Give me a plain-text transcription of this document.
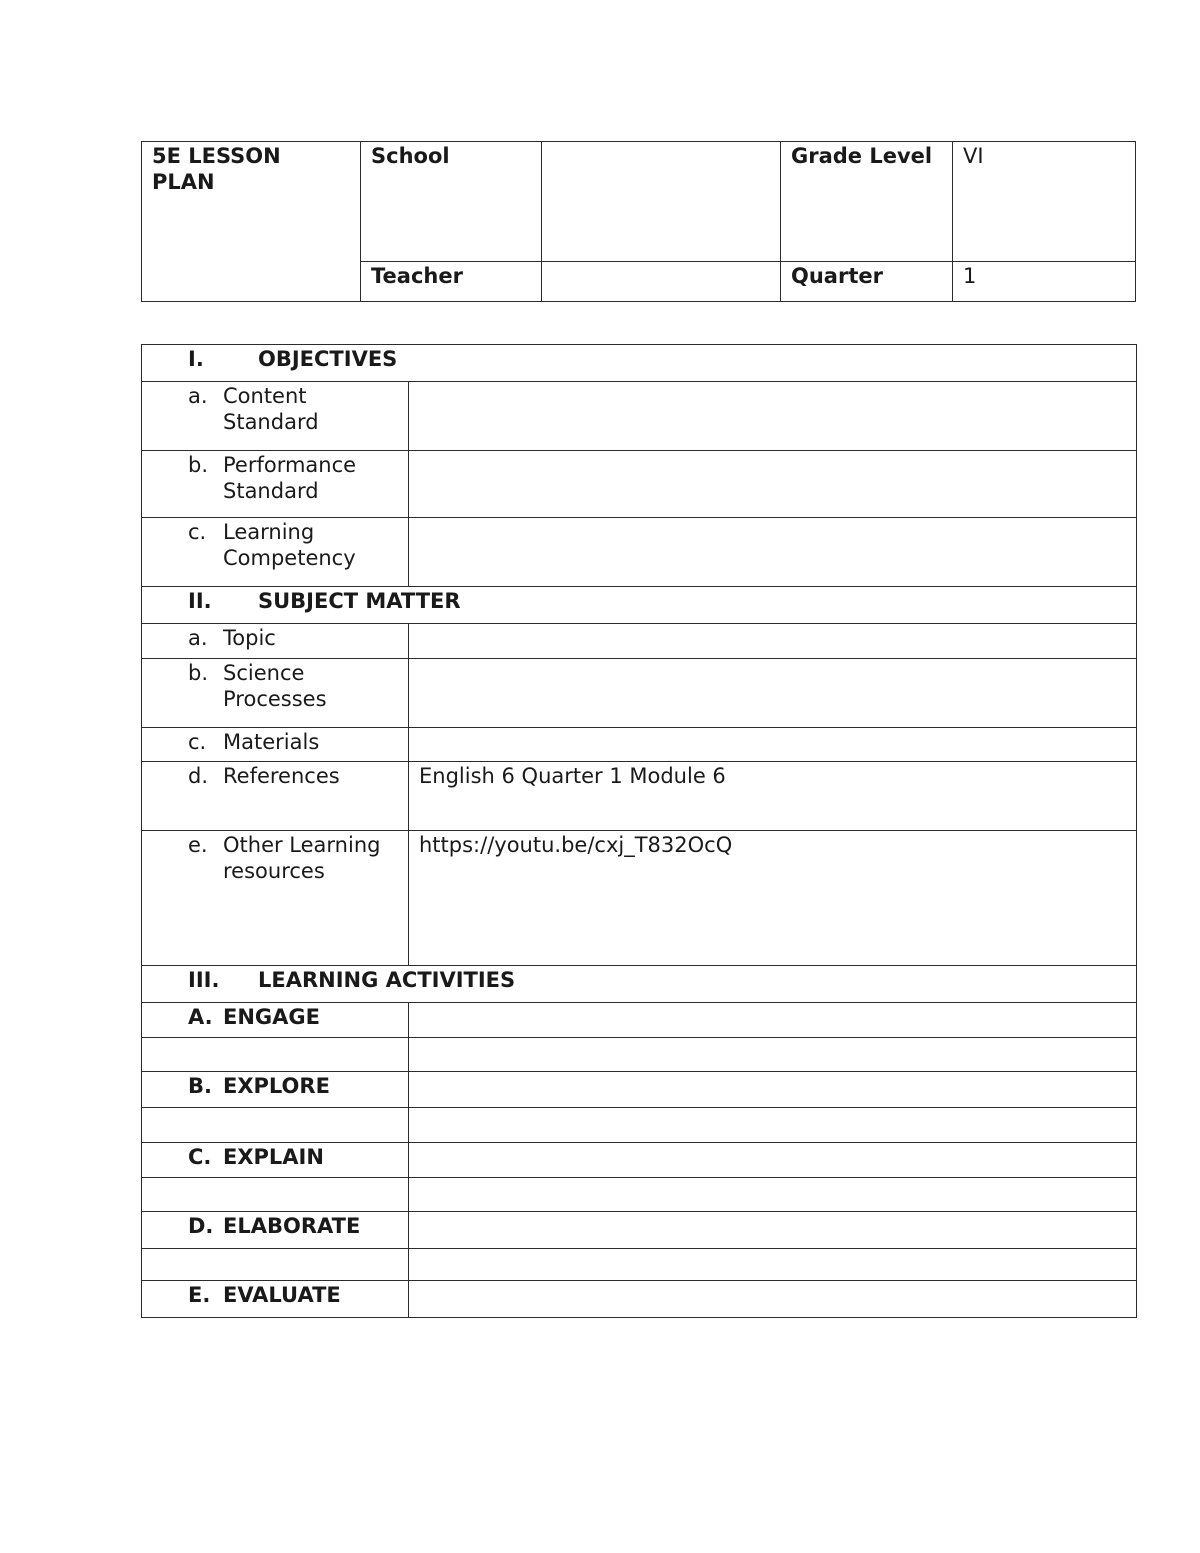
5E LESSON PLAN	School		Grade Level	VI
	Teacher		Quarter	1
I. OBJECTIVES	

a. Content Standard	

b. Performance Standard	

c. Learning Competency	

II. SUBJECT MATTER	

a. Topic	

b. Science Processes	

c. Materials	

d. References	English 6 Quarter 1 Module 6

e. Other Learning resources	https://youtu.be/cxj_T832OcQ
III. LEARNING ACTIVITIES	

A. ENGAGE	

B. EXPLORE	

C. EXPLAIN	

D. ELABORATE	

E. EVALUATE	
